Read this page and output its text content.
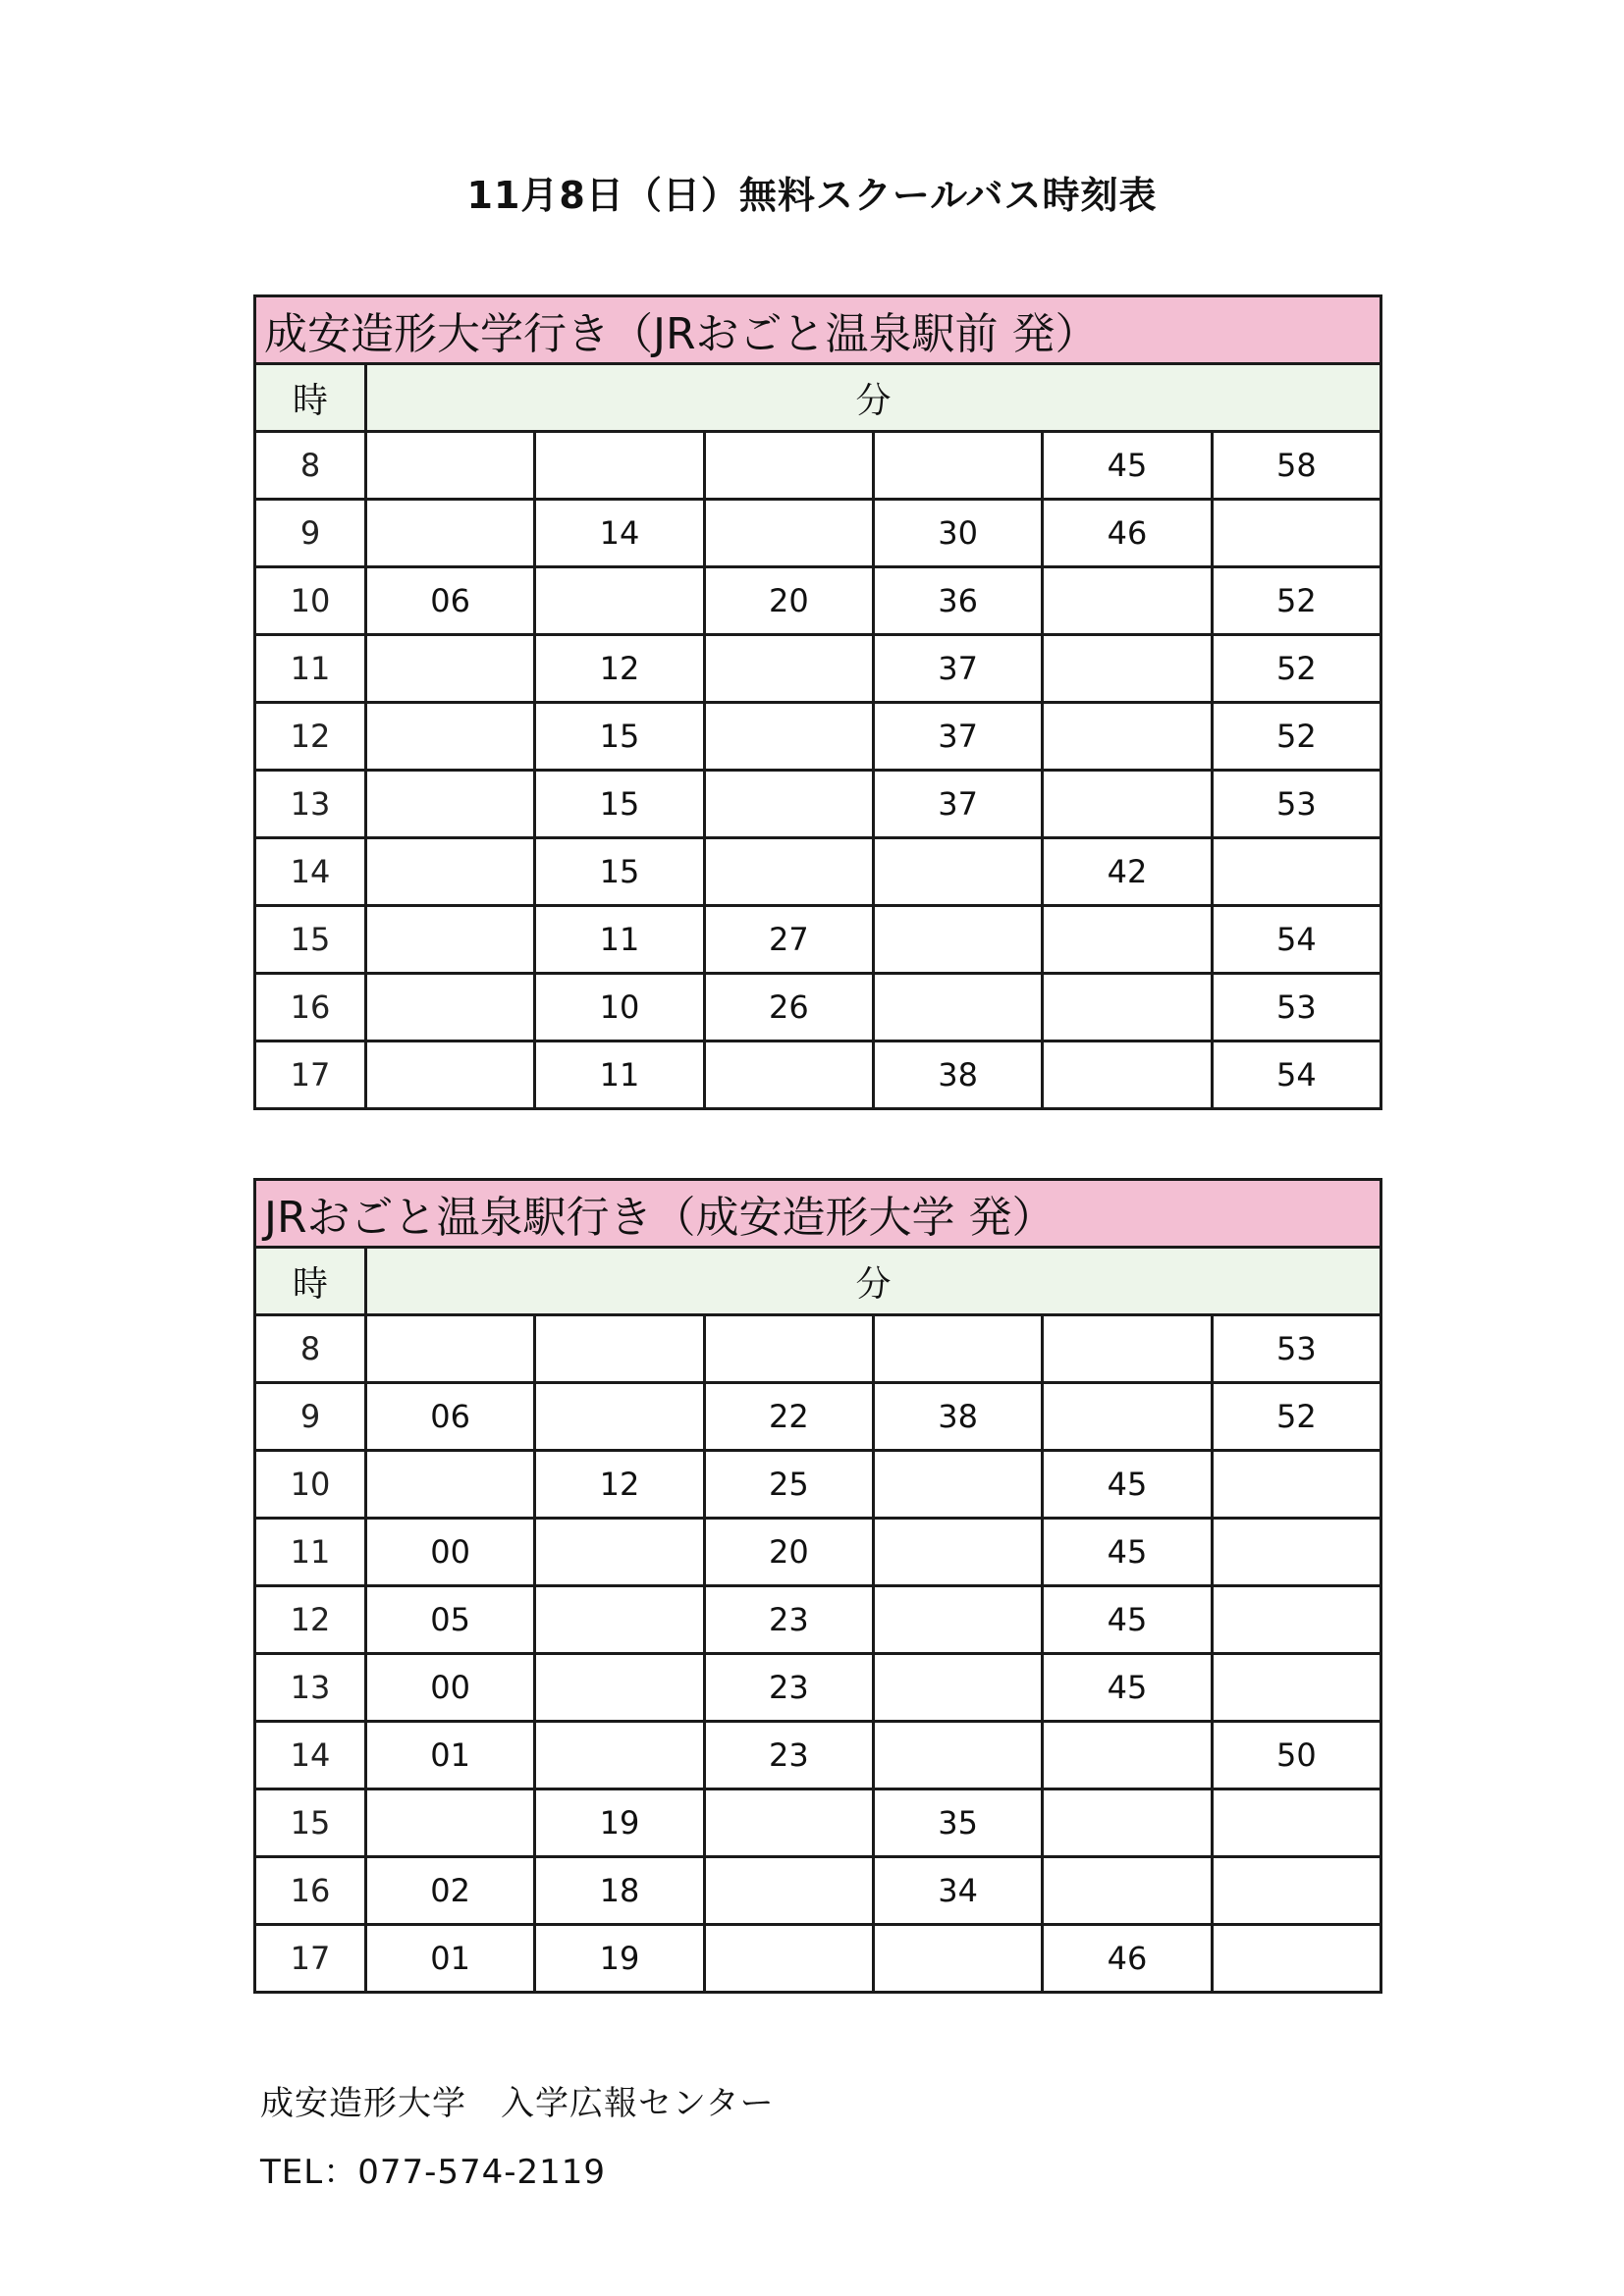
11月8日（日）無料スクールバス時刻表
成安造形大学行き（JRおごと温泉駅前 発）						
時	分					
8					45	58
9		14		30	46	
10	06		20	36		52
11		12		37		52
12		15		37		52
13		15		37		53
14		15			42	
15		11	27			54
16		10	26			53
17		11		38		54
JRおごと温泉駅行き（成安造形大学 発）						
時	分					
8						53
9	06		22	38		52
10		12	25		45	
11	00		20		45	
12	05		23		45	
13	00		23		45	
14	01		23			50
15		19		35		
16	02	18		34		
17	01	19			46	
成安造形大学　入学広報センター
TEL：077-574-2119
